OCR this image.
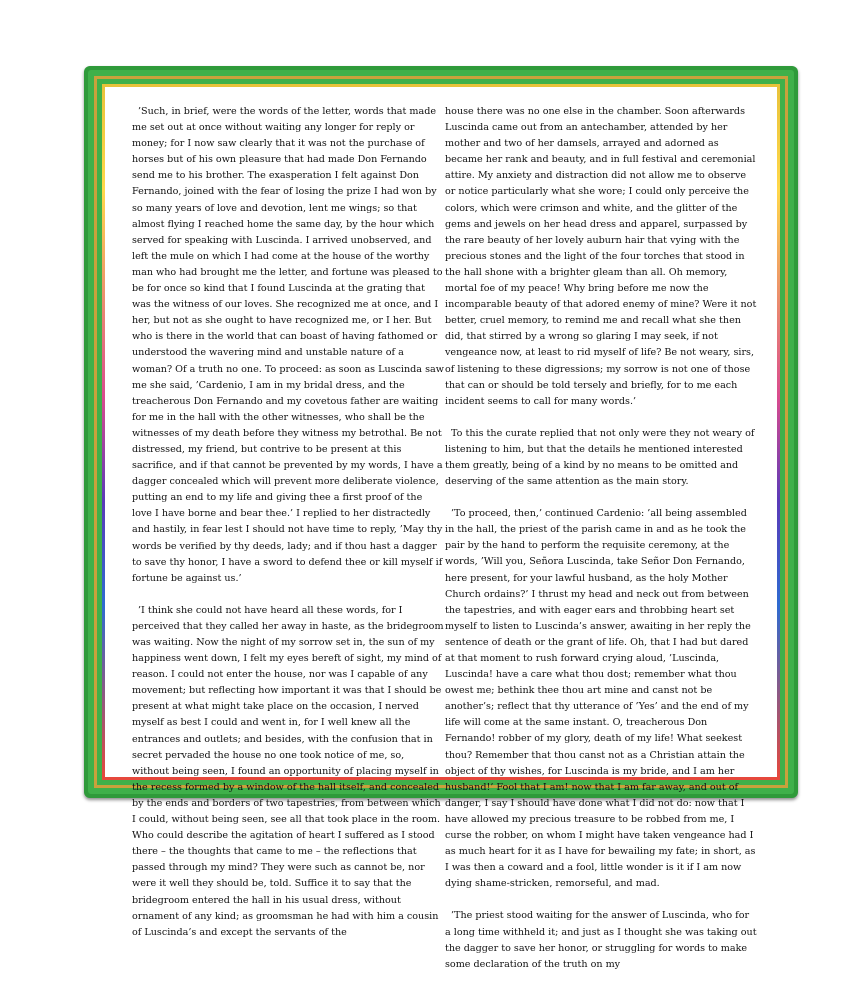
’Such, in brief, were the words of the letter, words that made me set out at once without waiting any longer for reply or money; for I now saw clearly that it was not the purchase of horses but of his own pleasure that had made Don Fernando send me to his brother. The exasperation I felt against Don Fernando, joined with the fear of losing the prize I had won by so many years of love and devotion, lent me wings; so that almost flying I reached home the same day, by the hour which served for speaking with Luscinda. I arrived unobserved, and left the mule on which I had come at the house of the worthy man who had brought me the letter, and fortune was pleased to be for once so kind that I found Luscinda at the grating that was the witness of our loves. She recognized me at once, and I her, but not as she ought to have recognized me, or I her. But who is there in the world that can boast of having fathomed or understood the wavering mind and unstable nature of a woman? Of a truth no one. To proceed: as soon as Luscinda saw me she said, ’Cardenio, I am in my bridal dress, and the treacherous Don Fernando and my covetous father are waiting for me in the hall with the other witnesses, who shall be the witnesses of my death before they witness my betrothal. Be not distressed, my friend, but contrive to be present at this sacrifice, and if that cannot be prevented by my words, I have a dagger concealed which will prevent more deliberate violence, putting an end to my life and giving thee a first proof of the love I have borne and bear thee.’ I replied to her distractedly and hastily, in fear lest I should not have time to reply, ’May thy words be verified by thy deeds, lady; and if thou hast a dagger to save thy honor, I have a sword to defend thee or kill myself if fortune be against us.’

’I think she could not have heard all these words, for I perceived that they called her away in haste, as the bridegroom was waiting. Now the night of my sorrow set in, the sun of my happiness went down, I felt my eyes bereft of sight, my mind of reason. I could not enter the house, nor was I capable of any movement; but reflecting how important it was that I should be present at what might take place on the occasion, I nerved myself as best I could and went in, for I well knew all the entrances and outlets; and besides, with the confusion that in secret pervaded the house no one took notice of me, so, without being seen, I found an opportunity of placing myself in the recess formed by a window of the hall itself, and concealed by the ends and borders of two tapestries, from between which I could, without being seen, see all that took place in the room. Who could describe the agitation of heart I suffered as I stood there – the thoughts that came to me – the reflections that passed through my mind? They were such as cannot be, nor were it well they should be, told. Suffice it to say that the bridegroom entered the hall in his usual dress, without ornament of any kind; as groomsman he had with him a cousin of Luscinda’s and except the servants of the

house there was no one else in the chamber. Soon afterwards Luscinda came out from an antechamber, attended by her mother and two of her damsels, arrayed and adorned as became her rank and beauty, and in full festival and ceremonial attire. My anxiety and distraction did not allow me to observe or notice particularly what she wore; I could only perceive the colors, which were crimson and white, and the glitter of the gems and jewels on her head dress and apparel, surpassed by the rare beauty of her lovely auburn hair that vying with the precious stones and the light of the four torches that stood in the hall shone with a brighter gleam than all. Oh memory, mortal foe of my peace! Why bring before me now the incomparable beauty of that adored enemy of mine? Were it not better, cruel memory, to remind me and recall what she then did, that stirred by a wrong so glaring I may seek, if not vengeance now, at least to rid myself of life? Be not weary, sirs, of listening to these digressions; my sorrow is not one of those that can or should be told tersely and briefly, for to me each incident seems to call for many words.’

To this the curate replied that not only were they not weary of listening to him, but that the details he mentioned interested them greatly, being of a kind by no means to be omitted and deserving of the same attention as the main story.

’To proceed, then,’ continued Cardenio: ’all being assembled in the hall, the priest of the parish came in and as he took the pair by the hand to perform the requisite ceremony, at the words, ’Will you, Señora Luscinda, take Señor Don Fernando, here present, for your lawful husband, as the holy Mother Church ordains?’ I thrust my head and neck out from between the tapestries, and with eager ears and throbbing heart set myself to listen to Luscinda’s answer, awaiting in her reply the sentence of death or the grant of life. Oh, that I had but dared at that moment to rush forward crying aloud, ’Luscinda, Luscinda! have a care what thou dost; remember what thou owest me; bethink thee thou art mine and canst not be another’s; reflect that thy utterance of ’Yes’ and the end of my life will come at the same instant. O, treacherous Don Fernando! robber of my glory, death of my life! What seekest thou? Remember that thou canst not as a Christian attain the object of thy wishes, for Luscinda is my bride, and I am her husband!’ Fool that I am! now that I am far away, and out of danger, I say I should have done what I did not do: now that I have allowed my precious treasure to be robbed from me, I curse the robber, on whom I might have taken vengeance had I as much heart for it as I have for bewailing my fate; in short, as I was then a coward and a fool, little wonder is it if I am now dying shame-stricken, remorseful, and mad.

’The priest stood waiting for the answer of Luscinda, who for a long time withheld it; and just as I thought she was taking out the dagger to save her honor, or struggling for words to make some declaration of the truth on my
